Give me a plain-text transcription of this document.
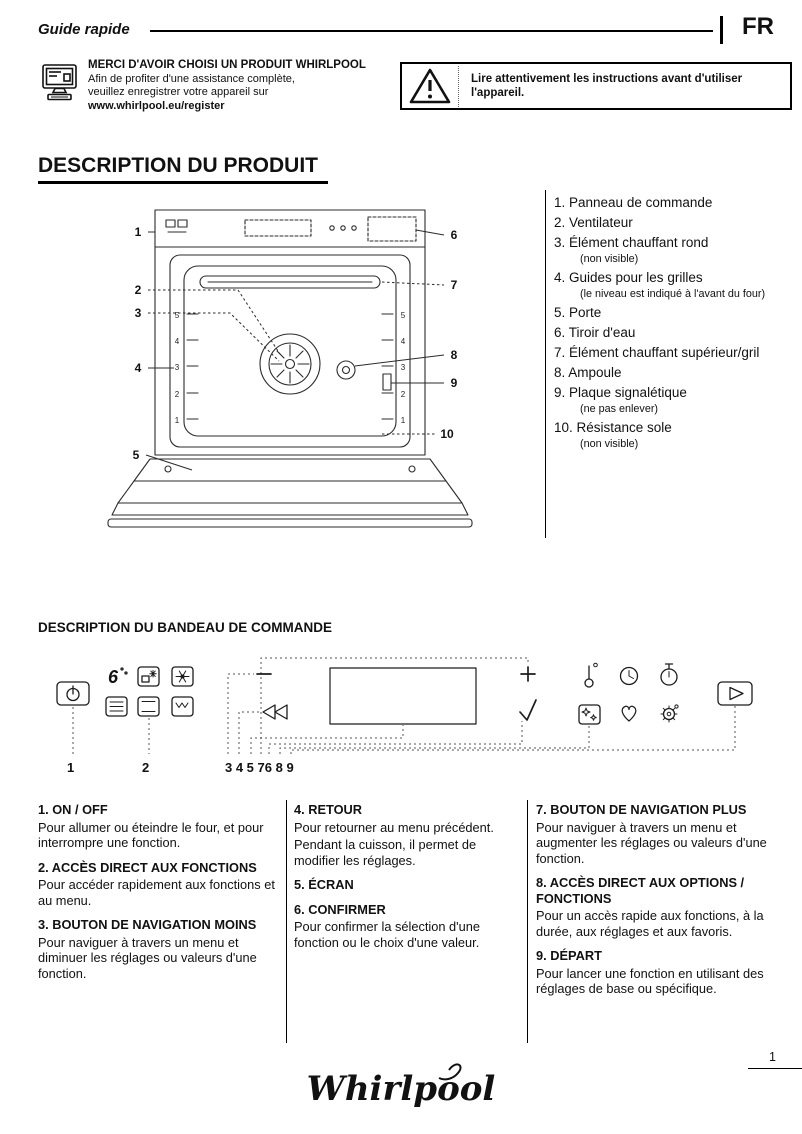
Guide rapide	FR
MERCI D'AVOIR CHOISI UN PRODUIT WHIRLPOOL
Afin de profiter d'une assistance complète,
veuillez enregistrer votre appareil sur
www.whirlpool.eu/register
Lire attentivement les instructions avant d'utiliser l'appareil.
DESCRIPTION DU PRODUIT
1
2
3
4
5
6
7
8
9
10
5
4
3
2
1
5
4
3
2
1
1. Panneau de commande
2. Ventilateur
3. Élément chauffant rond
(non visible)
4. Guides pour les grilles
(le niveau est indiqué à l'avant du four)
5. Porte
6. Tiroir d'eau
7. Élément chauffant supérieur/gril
8. Ampoule
9. Plaque signalétique
(ne pas enlever)
10. Résistance sole
(non visible)
DESCRIPTION DU BANDEAU DE COMMANDE
6
1	2	3 4 5 76 8 9
1. ON / OFF

Pour allumer ou éteindre le four, et pour interrompre une fonction.

2. ACCÈS DIRECT AUX FONCTIONS

Pour accéder rapidement aux fonctions et au menu.

3. BOUTON DE NAVIGATION MOINS

Pour naviguer à travers un menu et diminuer les réglages ou valeurs d'une fonction.

4. RETOUR

Pour retourner au menu précédent.

Pendant la cuisson, il permet de modifier les réglages.

5. ÉCRAN
6. CONFIRMER

Pour confirmer la sélection d'une fonction ou le choix d'une valeur.

7. BOUTON DE NAVIGATION PLUS

Pour naviguer à travers un menu et augmenter les réglages ou valeurs d'une fonction.

8. ACCÈS DIRECT AUX OPTIONS / FONCTIONS

Pour un accès rapide aux fonctions, à la durée, aux réglages et aux favoris.

9. DÉPART

Pour lancer une fonction en utilisant des réglages de base ou spécifique.

1
Whirlpool
